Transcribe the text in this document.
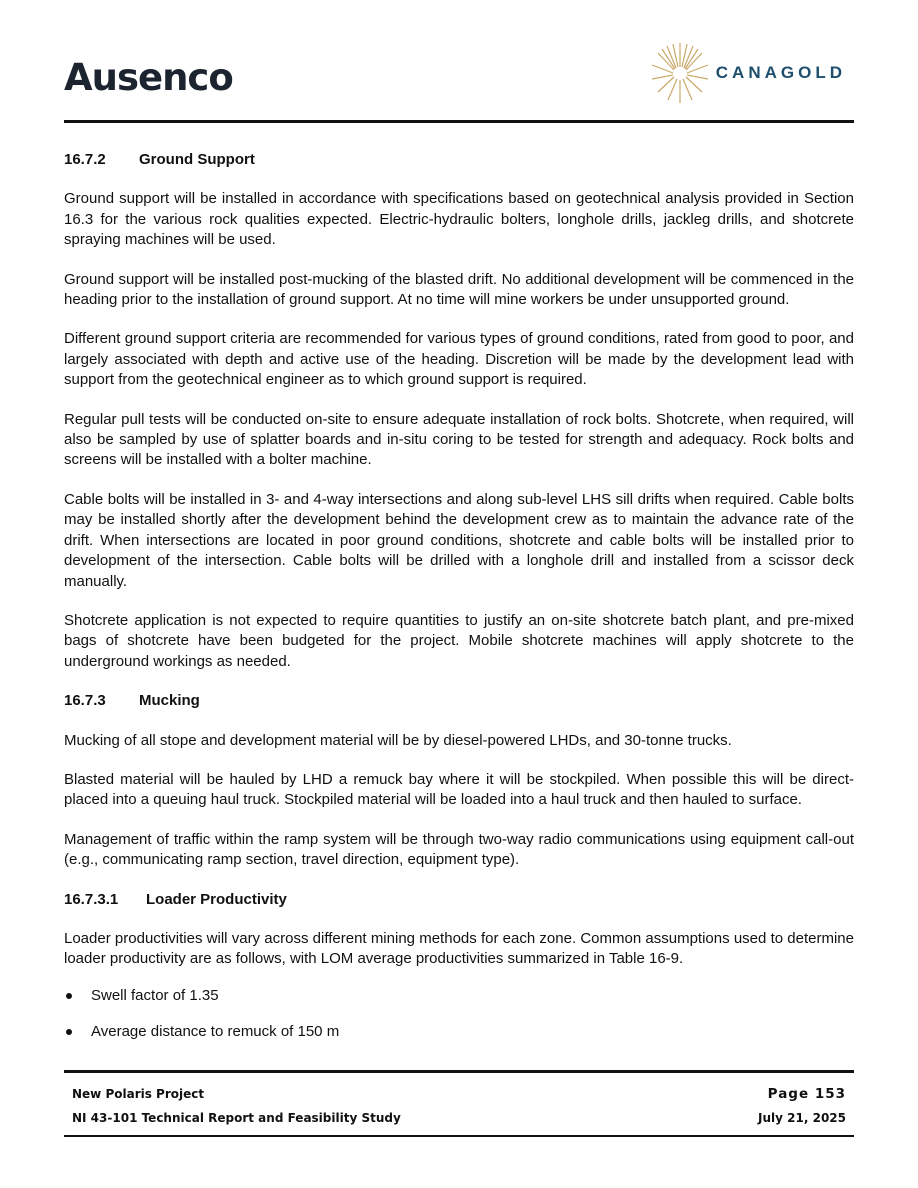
Ausenco	CANAGOLD
16.7.2 Ground Support

Ground support will be installed in accordance with specifications based on geotechnical analysis provided in Section 16.3 for the various rock qualities expected. Electric-hydraulic bolters, longhole drills, jackleg drills, and shotcrete spraying machines will be used.

Ground support will be installed post-mucking of the blasted drift. No additional development will be commenced in the heading prior to the installation of ground support. At no time will mine workers be under unsupported ground.

Different ground support criteria are recommended for various types of ground conditions, rated from good to poor, and largely associated with depth and active use of the heading. Discretion will be made by the development lead with support from the geotechnical engineer as to which ground support is required.

Regular pull tests will be conducted on-site to ensure adequate installation of rock bolts. Shotcrete, when required, will also be sampled by use of splatter boards and in-situ coring to be tested for strength and adequacy. Rock bolts and screens will be installed with a bolter machine.

Cable bolts will be installed in 3- and 4-way intersections and along sub-level LHS sill drifts when required. Cable bolts may be installed shortly after the development behind the development crew as to maintain the advance rate of the drift. When intersections are located in poor ground conditions, shotcrete and cable bolts will be installed prior to development of the intersection. Cable bolts will be drilled with a longhole drill and installed from a scissor deck manually.

Shotcrete application is not expected to require quantities to justify an on-site shotcrete batch plant, and pre-mixed bags of shotcrete have been budgeted for the project. Mobile shotcrete machines will apply shotcrete to the underground workings as needed.

16.7.3 Mucking

Mucking of all stope and development material will be by diesel-powered LHDs, and 30-tonne trucks.

Blasted material will be hauled by LHD a remuck bay where it will be stockpiled. When possible this will be direct-placed into a queuing haul truck. Stockpiled material will be loaded into a haul truck and then hauled to surface.

Management of traffic within the ramp system will be through two-way radio communications using equipment call-out (e.g., communicating ramp section, travel direction, equipment type).

16.7.3.1 Loader Productivity

Loader productivities will vary across different mining methods for each zone. Common assumptions used to determine loader productivity are as follows, with LOM average productivities summarized in Table 16-9.

Swell factor of 1.35
Average distance to remuck of 150 m
New Polaris Project	Page 153
NI 43-101 Technical Report and Feasibility Study	July 21, 2025
